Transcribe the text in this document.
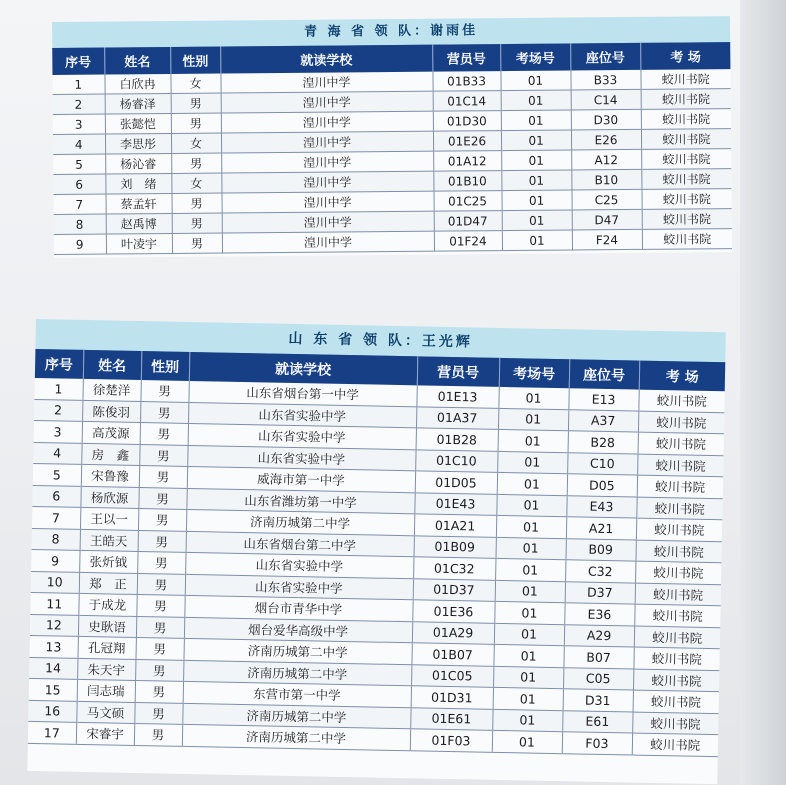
青 海 省 领 队：谢雨佳
序号	姓名	性别	就读学校	营员号	考场号	座位号	考 场
1	白欣冉	女	湟川中学	01B33	01	B33	蛟川书院
2	杨睿泽	男	湟川中学	01C14	01	C14	蛟川书院
3	张懿恺	男	湟川中学	01D30	01	D30	蛟川书院
4	李思彤	女	湟川中学	01E26	01	E26	蛟川书院
5	杨沁睿	男	湟川中学	01A12	01	A12	蛟川书院
6	刘　绪	女	湟川中学	01B10	01	B10	蛟川书院
7	蔡孟轩	男	湟川中学	01C25	01	C25	蛟川书院
8	赵禹博	男	湟川中学	01D47	01	D47	蛟川书院
9	叶凌宇	男	湟川中学	01F24	01	F24	蛟川书院
山 东 省 领 队：王光辉
序号	姓名	性别	就读学校	营员号	考场号	座位号	考 场
1	徐楚洋	男	山东省烟台第一中学	01E13	01	E13	蛟川书院
2	陈俊羽	男	山东省实验中学	01A37	01	A37	蛟川书院
3	高茂源	男	山东省实验中学	01B28	01	B28	蛟川书院
4	房　鑫	男	山东省实验中学	01C10	01	C10	蛟川书院
5	宋鲁豫	男	威海市第一中学	01D05	01	D05	蛟川书院
6	杨欣源	男	山东省潍坊第一中学	01E43	01	E43	蛟川书院
7	王以一	男	济南历城第二中学	01A21	01	A21	蛟川书院
8	王皓天	男	山东省烟台第二中学	01B09	01	B09	蛟川书院
9	张炘钺	男	山东省实验中学	01C32	01	C32	蛟川书院
10	郑　正	男	山东省实验中学	01D37	01	D37	蛟川书院
11	于成龙	男	烟台市青华中学	01E36	01	E36	蛟川书院
12	史耿语	男	烟台爱华高级中学	01A29	01	A29	蛟川书院
13	孔冠翔	男	济南历城第二中学	01B07	01	B07	蛟川书院
14	朱天宇	男	济南历城第二中学	01C05	01	C05	蛟川书院
15	闫志瑞	男	东营市第一中学	01D31	01	D31	蛟川书院
16	马文硕	男	济南历城第二中学	01E61	01	E61	蛟川书院
17	宋睿宇	男	济南历城第二中学	01F03	01	F03	蛟川书院
